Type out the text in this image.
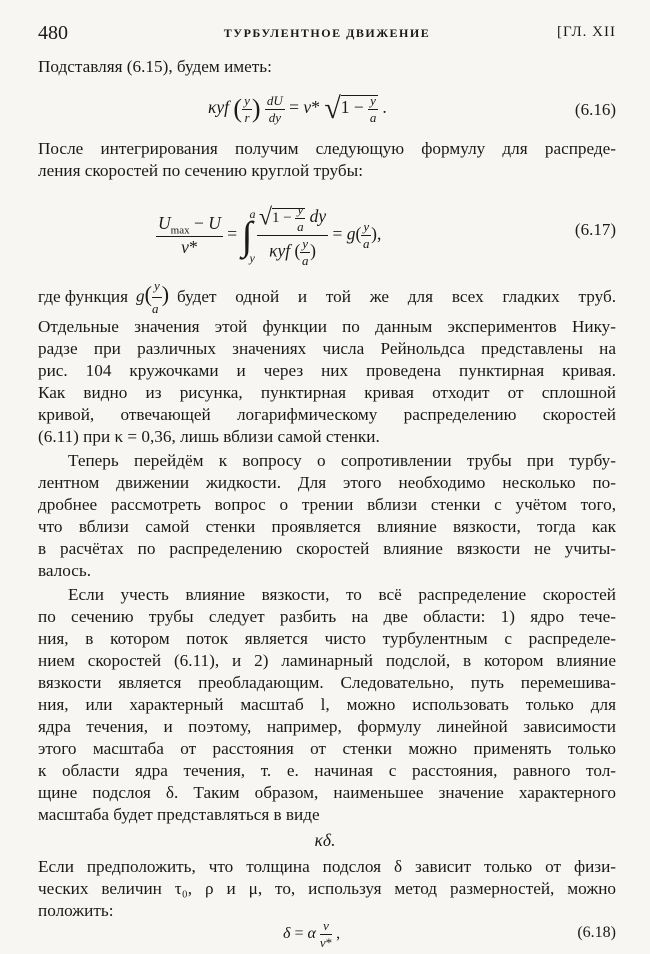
480	ТУРБУЛЕНТНОЕ ДВИЖЕНИЕ	[ГЛ. XII
Подставляя (6.15), будем иметь:
κyf ( $\frac{y}{r}$ ) $\frac{dU}{dy} = v*$ $√1 - \frac{y}{a}$ .	(6.16)
После интегрирования получим следующую формулу для распреде-
ления скоростей по сечению круглой трубы:
$\frac{U_{max} - U}{v*}$ = ∫
a
y
$\frac{√1 - \frac{y}{a} dy}{\kappa yf ( \frac{y}{a} )} = g( \frac{y}{a}$ ),	(6.17)
где функция $g( \frac{y}{a}$ ) будет одной и той же для всех гладких труб.
Отдельные значения этой функции по данным экспериментов Нику-
радзе при различных значениях числа Рейнольдса представлены на
рис. 104 кружочками и через них проведена пунктирная кривая.
Как видно из рисунка, пунктирная кривая отходит от сплошной
кривой, отвечающей логарифмическому распределению скоростей
(6.11) при κ = 0,36, лишь вблизи самой стенки.
Теперь перейдём к вопросу о сопротивлении трубы при турбу-
лентном движении жидкости. Для этого необходимо несколько по-
дробнее рассмотреть вопрос о трении вблизи стенки с учётом того,
что вблизи самой стенки проявляется влияние вязкости, тогда как
в расчётах по распределению скоростей влияние вязкости не учиты-
валось.
Если учесть влияние вязкости, то всё распределение скоростей
по сечению трубы следует разбить на две области: 1) ядро тече-
ния, в котором поток является чисто турбулентным с распределе-
нием скоростей (6.11), и 2) ламинарный подслой, в котором влияние
вязкости является преобладающим. Следовательно, путь перемешива-
ния, или характерный масштаб l, можно использовать только для
ядра течения, и поэтому, например, формулу линейной зависимости
этого масштаба от расстояния от стенки можно применять только
к области ядра течения, т. е. начиная с расстояния, равного тол-
щине подслоя δ. Таким образом, наименьшее значение характерного
масштаба будет представляться в виде
κδ.
Если предположить, что толщина подслоя δ зависит только от физи-
ческих величин τ₀, ρ и μ, то, используя метод размерностей, можно
положить:
δ = α $\frac{\nu}{v*}$ ,	(6.18)
